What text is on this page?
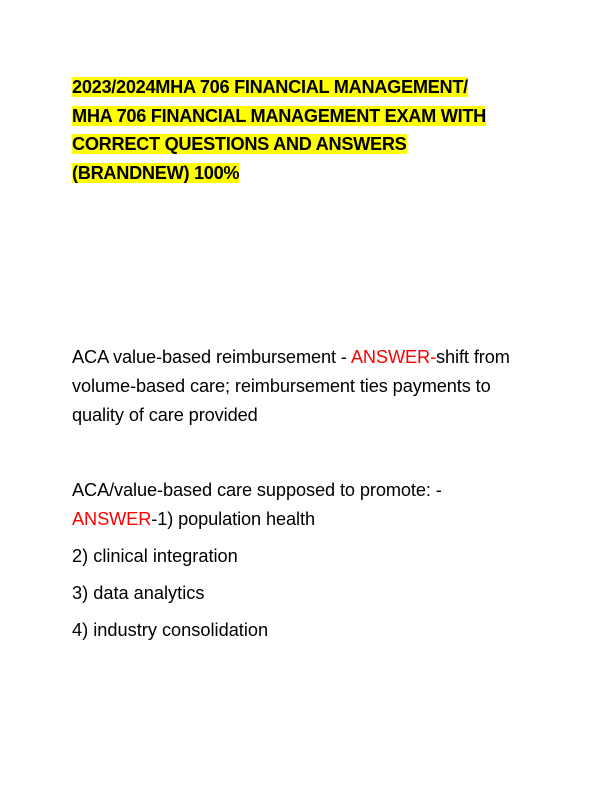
2023/2024MHA 706 FINANCIAL MANAGEMENT/
MHA 706 FINANCIAL MANAGEMENT EXAM WITH
CORRECT QUESTIONS AND ANSWERS
(BRANDNEW) 100%

ACA value-based reimbursement - ANSWER-shift from volume-based care; reimbursement ties payments to quality of care provided

ACA/value-based care supposed to promote: -
ANSWER-1) population health

2) clinical integration

3) data analytics

4) industry consolidation
